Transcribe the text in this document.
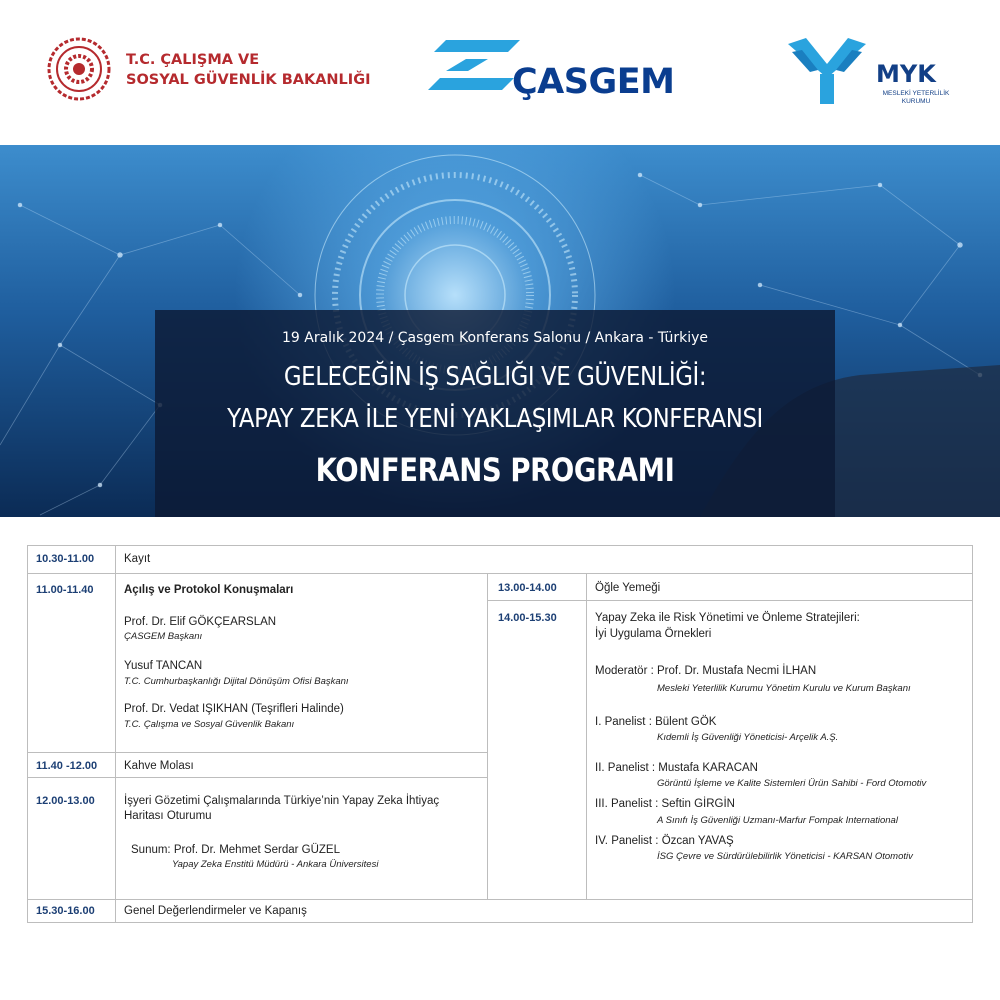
T.C. ÇALIŞMA VE
SOSYAL GÜVENLİK BAKANLIĞI	ÇASGEM	MYK
MESLEKİ YETERLİLİK
KURUMU
19 Aralık 2024 / Çasgem Konferans Salonu / Ankara - Türkiye
GELECEĞİN İŞ SAĞLIĞI VE GÜVENLİĞİ:
YAPAY ZEKA İLE YENİ YAKLAŞIMLAR KONFERANSI
KONFERANS PROGRAMI
10.30-11.00	Kayıt
11.00-11.40	Açılış ve Protokol Konuşmaları
Prof. Dr. Elif GÖKÇEARSLAN
ÇASGEM Başkanı
Yusuf TANCAN
T.C. Cumhurbaşkanlığı Dijital Dönüşüm Ofisi Başkanı
Prof. Dr. Vedat IŞIKHAN (Teşrifleri Halinde)
T.C. Çalışma ve Sosyal Güvenlik Bakanı
11.40 -12.00 Kahve Molası
12.00-13.00	İşyeri Gözetimi Çalışmalarında Türkiye’nin Yapay Zeka İhtiyaç
Haritası Oturumu
Sunum: Prof. Dr. Mehmet Serdar GÜZEL
Yapay Zeka Enstitü Müdürü - Ankara Üniversitesi
13.00-14.00	Öğle Yemeği
14.00-15.30	Yapay Zeka ile Risk Yönetimi ve Önleme Stratejileri:
İyi Uygulama Örnekleri
Moderatör : Prof. Dr. Mustafa Necmi İLHAN
Mesleki Yeterlilik Kurumu Yönetim Kurulu ve Kurum Başkanı
I. Panelist : Bülent GÖK
Kıdemli İş Güvenliği Yöneticisi- Arçelik A.Ş.
II. Panelist : Mustafa KARACAN
Görüntü İşleme ve Kalite Sistemleri Ürün Sahibi - Ford Otomotiv
III. Panelist : Seftin GİRGİN
A Sınıfı İş Güvenliği Uzmanı-Marfur Fompak International
IV. Panelist : Özcan YAVAŞ
İSG Çevre ve Sürdürülebilirlik Yöneticisi - KARSAN Otomotiv
15.30-16.00	Genel Değerlendirmeler ve Kapanış
